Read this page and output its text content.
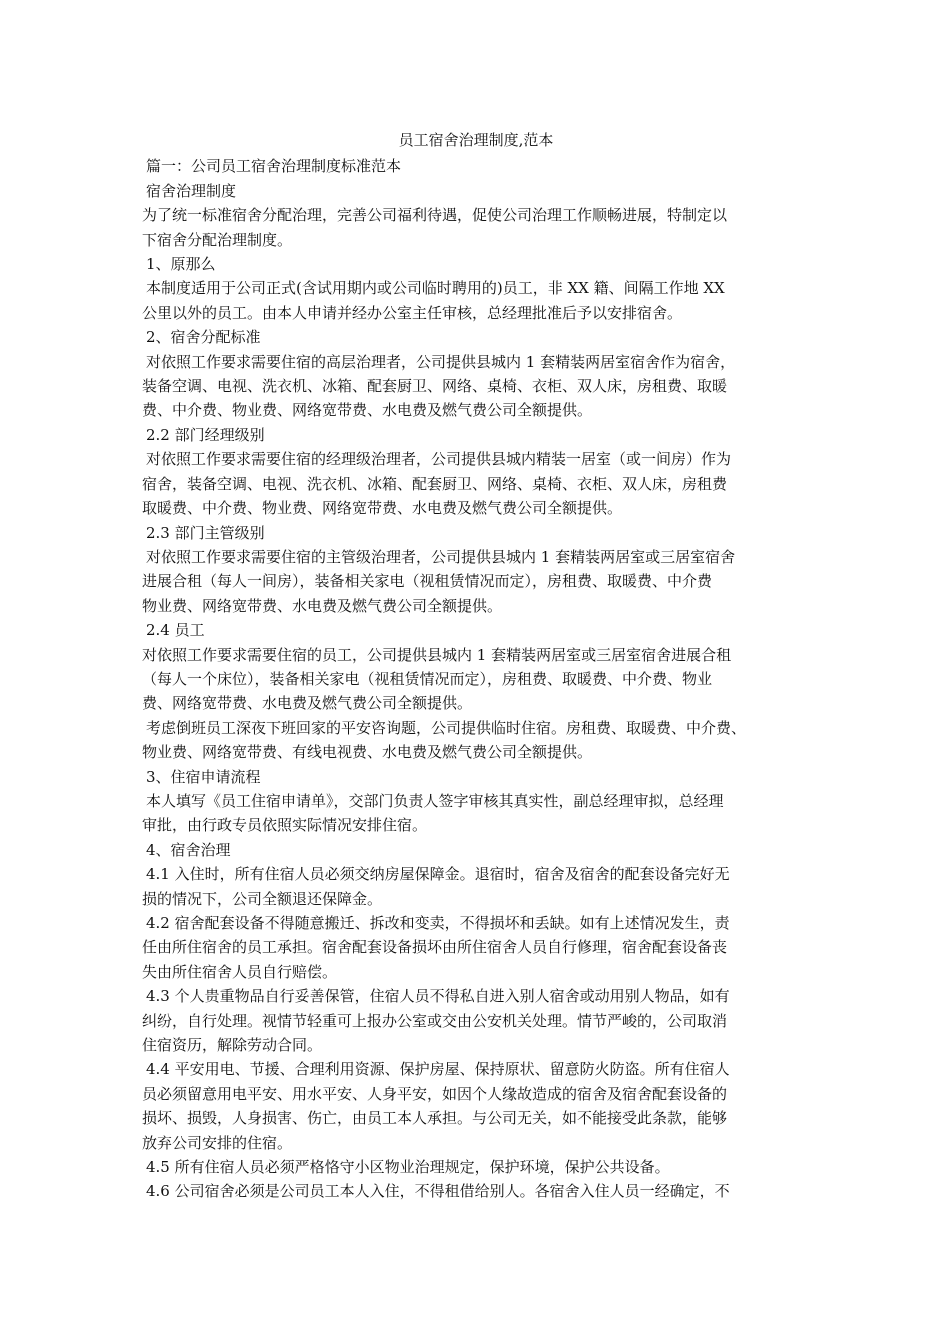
员工宿舍治理制度,范本
篇一：公司员工宿舍治理制度标准范本
宿舍治理制度
为了统一标准宿舍分配治理，完善公司福利待遇，促使公司治理工作顺畅进展，特制定以
下宿舍分配治理制度。
1、原那么
本制度适用于公司正式(含试用期内或公司临时聘用的)员工，非 XX 籍、间隔工作地 XX
公里以外的员工。由本人申请并经办公室主任审核，总经理批准后予以安排宿舍。
2、宿舍分配标准
对依照工作要求需要住宿的高层治理者，公司提供县城内 1 套精装两居室宿舍作为宿舍，
装备空调、电视、洗衣机、冰箱、配套厨卫、网络、桌椅、衣柜、双人床，房租费、取暖
费、中介费、物业费、网络宽带费、水电费及燃气费公司全额提供。
2.2 部门经理级别
对依照工作要求需要住宿的经理级治理者，公司提供县城内精装一居室（或一间房）作为
宿舍，装备空调、电视、洗衣机、冰箱、配套厨卫、网络、桌椅、衣柜、双人床，房租费
取暖费、中介费、物业费、网络宽带费、水电费及燃气费公司全额提供。
2.3 部门主管级别
对依照工作要求需要住宿的主管级治理者，公司提供县城内 1 套精装两居室或三居室宿舍
进展合租（每人一间房），装备相关家电（视租赁情况而定），房租费、取暖费、中介费
物业费、网络宽带费、水电费及燃气费公司全额提供。
2.4 员工
对依照工作要求需要住宿的员工，公司提供县城内 1 套精装两居室或三居室宿舍进展合租
（每人一个床位），装备相关家电（视租赁情况而定），房租费、取暖费、中介费、物业
费、网络宽带费、水电费及燃气费公司全额提供。
考虑倒班员工深夜下班回家的平安咨询题，公司提供临时住宿。房租费、取暖费、中介费、
物业费、网络宽带费、有线电视费、水电费及燃气费公司全额提供。
3、住宿申请流程
本人填写《员工住宿申请单》，交部门负责人签字审核其真实性，副总经理审拟，总经理
审批，由行政专员依照实际情况安排住宿。
4、宿舍治理
4.1 入住时，所有住宿人员必须交纳房屋保障金。退宿时，宿舍及宿舍的配套设备完好无
损的情况下，公司全额退还保障金。
4.2 宿舍配套设备不得随意搬迁、拆改和变卖，不得损坏和丢缺。如有上述情况发生，责
任由所住宿舍的员工承担。宿舍配套设备损坏由所住宿舍人员自行修理，宿舍配套设备丧
失由所住宿舍人员自行赔偿。
4.3 个人贵重物品自行妥善保管，住宿人员不得私自进入别人宿舍或动用别人物品，如有
纠纷，自行处理。视情节轻重可上报办公室或交由公安机关处理。情节严峻的，公司取消
住宿资历，解除劳动合同。
4.4 平安用电、节援、合理利用资源、保护房屋、保持原状、留意防火防盗。所有住宿人
员必须留意用电平安、用水平安、人身平安，如因个人缘故造成的宿舍及宿舍配套设备的
损坏、损毁，人身损害、伤亡，由员工本人承担。与公司无关，如不能接受此条款，能够
放弃公司安排的住宿。
4.5 所有住宿人员必须严格恪守小区物业治理规定，保护环境，保护公共设备。
4.6 公司宿舍必须是公司员工本人入住，不得租借给别人。各宿舍入住人员一经确定，不
